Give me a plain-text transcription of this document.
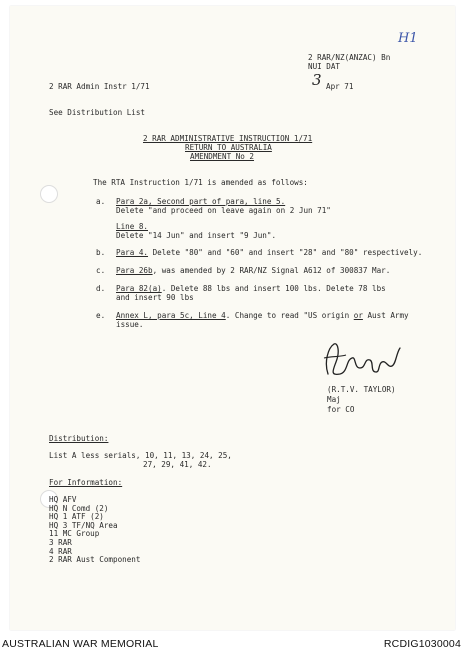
H1
2 RAR/NZ(ANZAC) Bn
NUI DAT
2 RAR Admin Instr 1/71	3 Apr 71
See Distribution List
2 RAR ADMINISTRATIVE INSTRUCTION 1/71
RETURN TO AUSTRALIA
AMENDMENT No 2
The RTA Instruction 1/71 is amended as follows:
a. Para 2a, Second part of para, line 5.
Delete "and proceed on leave again on 2 Jun 71"
Line 8.
Delete "14 Jun" and insert "9 Jun".
b. Para 4. Delete "80" and "60" and insert "28" and "80" respectively.
c. Para 26b, was amended by 2 RAR/NZ Signal A612 of 300837 Mar.
d. Para 82(a). Delete 88 lbs and insert 100 lbs. Delete 78 lbs
and insert 90 lbs
e. Annex L, para 5c, Line 4. Change to read "US origin or Aust Army
issue.
(R.T.V. TAYLOR)
Maj
for CO
Distribution:
List A less serials, 10, 11, 13, 24, 25,
27, 29, 41, 42.
For Information:
HQ AFV
HQ N Comd (2)
HQ 1 ATF (2)
HQ 3 TF/NQ Area
11 MC Group
3 RAR
4 RAR
2 RAR Aust Component
AUSTRALIAN WAR MEMORIAL	RCDIG1030004
